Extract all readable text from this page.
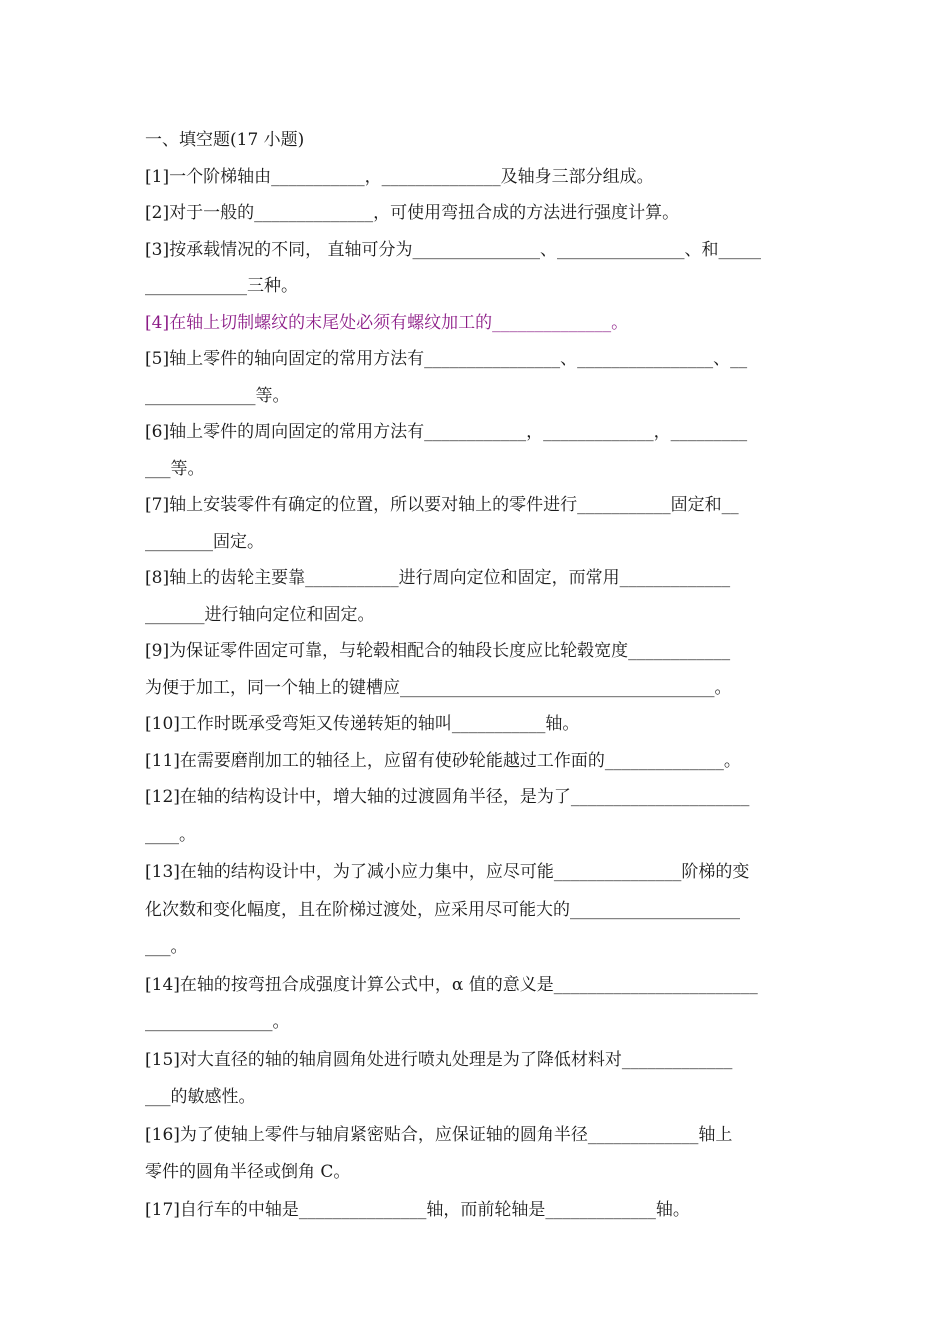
一、填空题(17 小题)
[1]一个阶梯轴由___________，______________及轴身三部分组成。
[2]对于一般的______________，可使用弯扭合成的方法进行强度计算。
[3]按承载情况的不同， 直轴可分为_______________、_______________、和_____
____________三种。
[4]在轴上切制螺纹的末尾处必须有螺纹加工的______________。
[5]轴上零件的轴向固定的常用方法有________________、________________、__
_____________等。
[6]轴上零件的周向固定的常用方法有____________，_____________，_________
___等。
[7]轴上安装零件有确定的位置，所以要对轴上的零件进行___________固定和__
________固定。
[8]轴上的齿轮主要靠___________进行周向定位和固定，而常用_____________
_______进行轴向定位和固定。
[9]为保证零件固定可靠，与轮毂相配合的轴段长度应比轮毂宽度____________
为便于加工，同一个轴上的键槽应_____________________________________。
[10]工作时既承受弯矩又传递转矩的轴叫___________轴。
[11]在需要磨削加工的轴径上，应留有使砂轮能越过工作面的______________。
[12]在轴的结构设计中，增大轴的过渡圆角半径，是为了_____________________
____。
[13]在轴的结构设计中，为了减小应力集中，应尽可能_______________阶梯的变
化次数和变化幅度，且在阶梯过渡处，应采用尽可能大的____________________
___。
[14]在轴的按弯扭合成强度计算公式中，α 值的意义是________________________
_______________。
[15]对大直径的轴的轴肩圆角处进行喷丸处理是为了降低材料对_____________
___的敏感性。
[16]为了使轴上零件与轴肩紧密贴合，应保证轴的圆角半径_____________轴上
零件的圆角半径或倒角 C。
[17]自行车的中轴是_______________轴，而前轮轴是_____________轴。
